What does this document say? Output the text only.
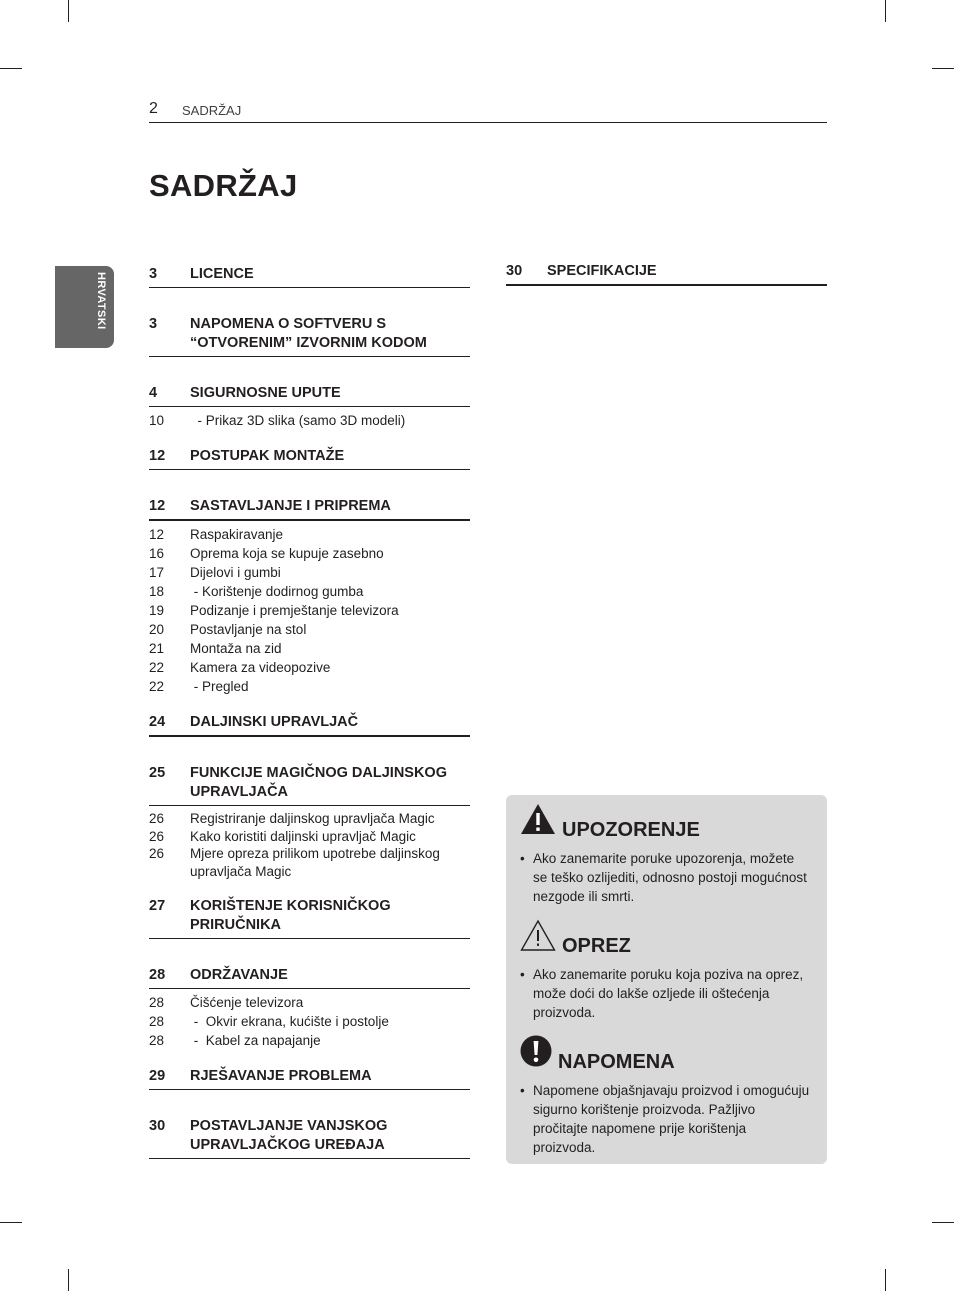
2 SADRŽAJ
SADRŽAJ
HRVATSKI	3	LICENCE
3	NAPOMENA O SOFTVERU S
“OTVORENIM” IZVORNIM KODOM
4	SIGURNOSNE UPUTE
10	- Prikaz 3D slika (samo 3D modeli)
12	POSTUPAK MONTAŽE
12	SASTAVLJANJE I PRIPREMA
12	Raspakiravanje
16	Oprema koja se kupuje zasebno
17	Dijelovi i gumbi
18	- Korištenje dodirnog gumba
19	Podizanje i premještanje televizora
20	Postavljanje na stol
21	Montaža na zid
22	Kamera za videopozive
22	- Pregled
24	DALJINSKI UPRAVLJAČ
25	FUNKCIJE MAGIČNOG DALJINSKOG
UPRAVLJAČA
26	Registriranje daljinskog upravljača Magic
26	Kako koristiti daljinski upravljač Magic
26	Mjere opreza prilikom upotrebe daljinskog
upravljača Magic
27	KORIŠTENJE KORISNIČKOG
PRIRUČNIKA
28	ODRŽAVANJE
28	Čišćenje televizora
28	-  Okvir ekrana, kućište i postolje
28	-  Kabel za napajanje
29	RJEŠAVANJE PROBLEMA
30	POSTAVLJANJE VANJSKOG
UPRAVLJAČKOG UREĐAJA
30	SPECIFIKACIJE
UPOZORENJE
• Ako zanemarite poruke upozorenja, možete se teško ozlijediti, odnosno postoji mogućnost nezgode ili smrti.
OPREZ
• Ako zanemarite poruku koja poziva na oprez, može doći do lakše ozljede ili oštećenja proizvoda.
NAPOMENA
• Napomene objašnjavaju proizvod i omogućuju sigurno korištenje proizvoda. Pažljivo pročitajte napomene prije korištenja proizvoda.
